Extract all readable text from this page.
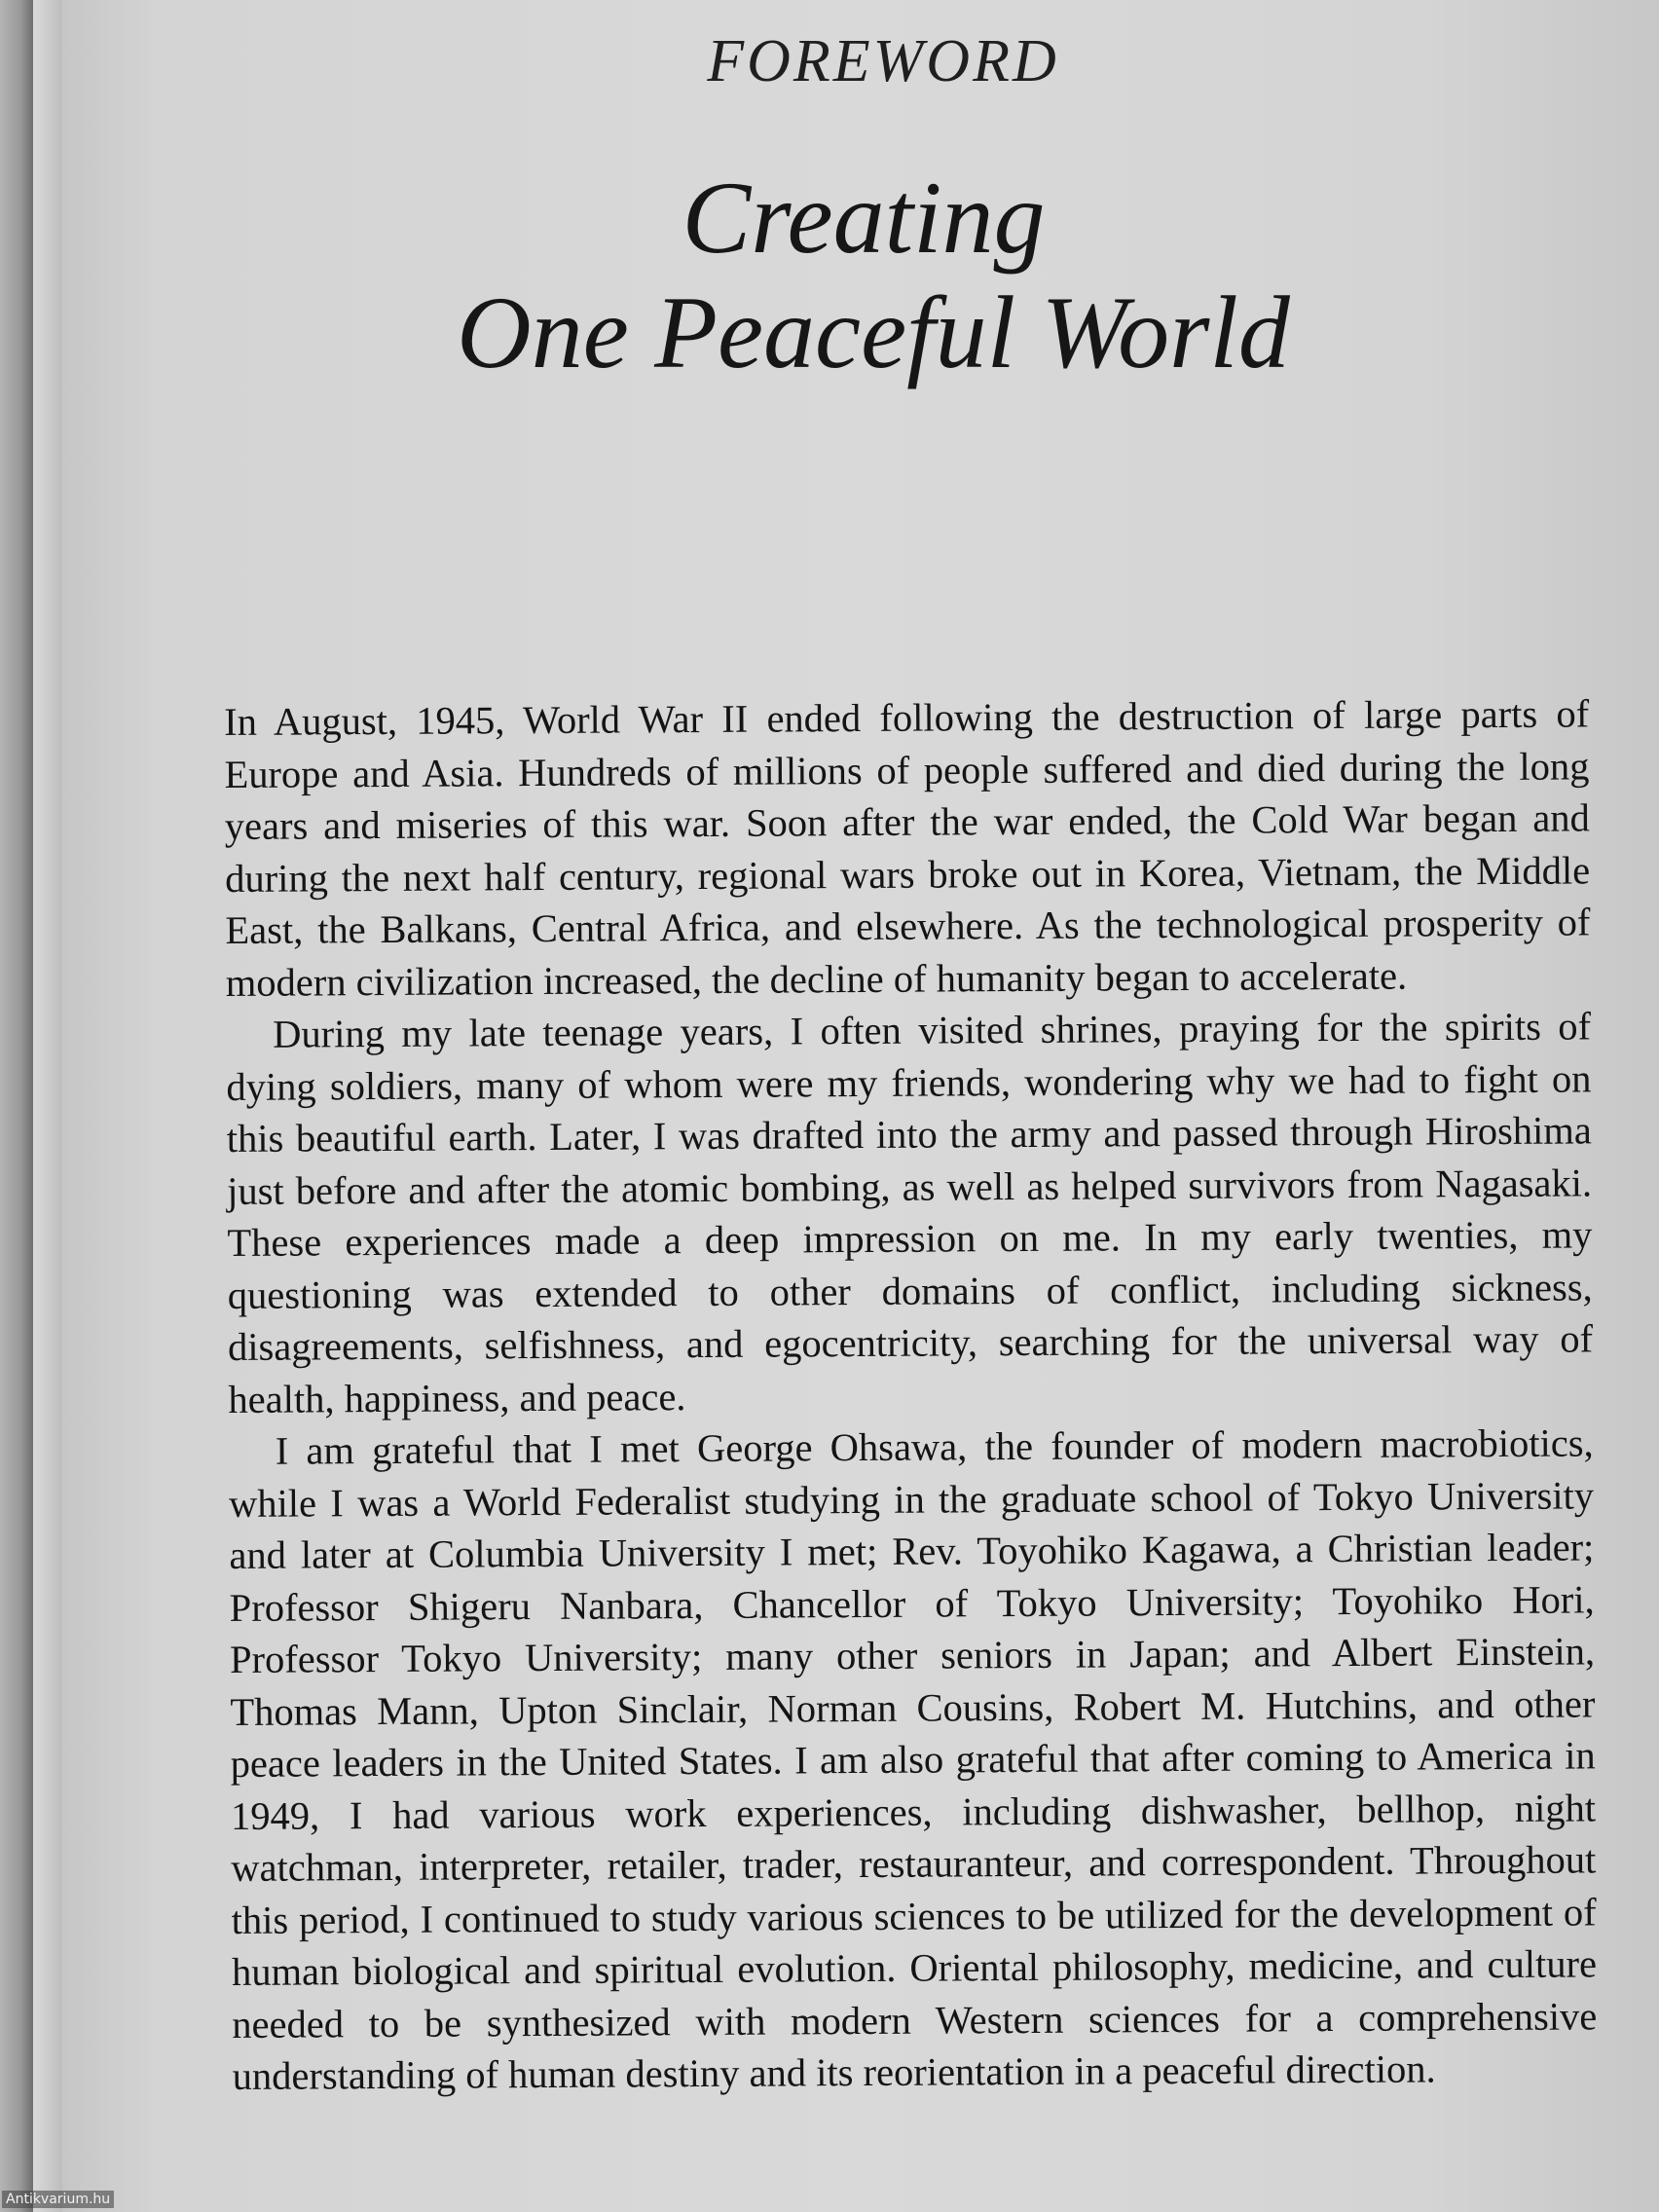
FOREWORD
Creating
One Peaceful World

In August, 1945, World War II ended following the destruction of large parts of Europe and Asia. Hundreds of millions of people suffered and died during the long years and miseries of this war. Soon after the war ended, the Cold War began and during the next half century, regional wars broke out in Korea, Vietnam, the Middle East, the Balkans, Central Africa, and elsewhere. As the technological prosperity of modern civilization increased, the decline of humanity began to accelerate.

During my late teenage years, I often visited shrines, praying for the spirits of dying soldiers, many of whom were my friends, wondering why we had to fight on this beautiful earth. Later, I was drafted into the army and passed through Hiroshima just before and after the atomic bombing, as well as helped survivors from Nagasaki. These experiences made a deep impression on me. In my early twenties, my questioning was extended to other domains of conflict, including sickness, disagreements, selfishness, and egocentricity, searching for the universal way of health, happiness, and peace.

I am grateful that I met George Ohsawa, the founder of modern macrobiotics, while I was a World Federalist studying in the graduate school of Tokyo University and later at Columbia University I met; Rev. Toyohiko Kagawa, a Christian leader; Professor Shigeru Nanbara, Chancellor of Tokyo University; Toyohiko Hori, Professor Tokyo University; many other seniors in Japan; and Albert Einstein, Thomas Mann, Upton Sinclair, Norman Cousins, Robert M. Hutchins, and other peace leaders in the United States. I am also grateful that after coming to America in 1949, I had various work experiences, including dishwasher, bellhop, night watchman, interpreter, retailer, trader, restauranteur, and correspondent. Throughout this period, I continued to study various sciences to be utilized for the development of human biological and spiritual evolution. Oriental philosophy, medicine, and culture needed to be synthesized with modern Western sciences for a comprehensive understanding of human destiny and its reorientation in a peaceful direction.

Antikvarium.hu
